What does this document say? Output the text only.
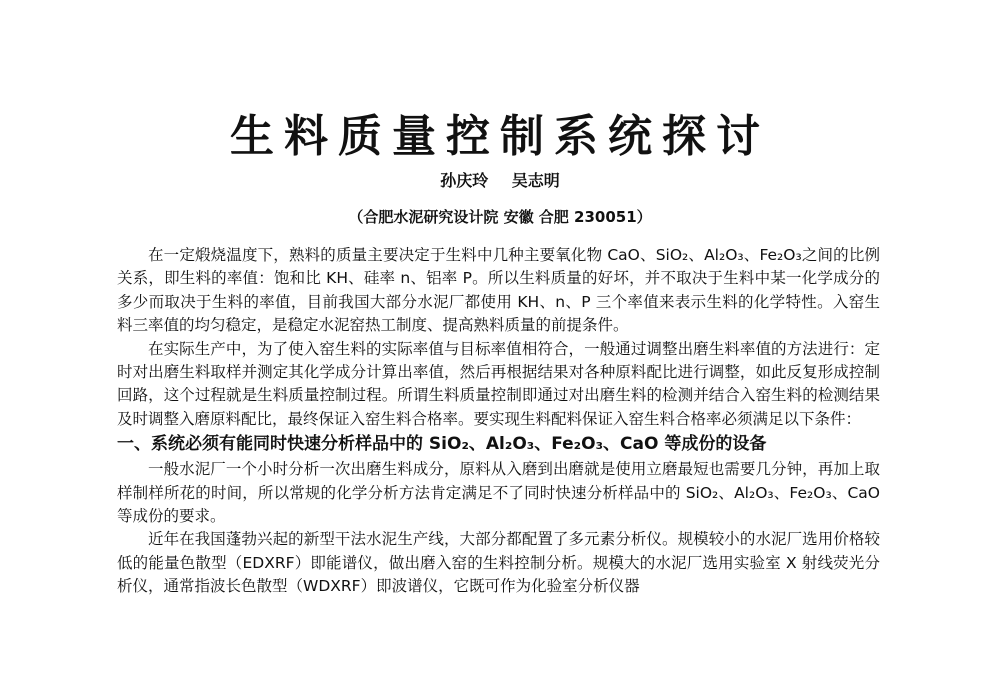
生料质量控制系统探讨
孙庆玲 吴志明
（合肥水泥研究设计院 安徽 合肥 230051）

在一定煅烧温度下，熟料的质量主要决定于生料中几种主要氧化物 CaO、SiO₂、Al₂O₃、Fe₂O₃之间的比例关系，即生料的率值：饱和比 KH、硅率 n、铝率 P。所以生料质量的好坏，并不取决于生料中某一化学成分的多少而取决于生料的率值，目前我国大部分水泥厂都使用 KH、n、P 三个率值来表示生料的化学特性。入窑生料三率值的均匀稳定，是稳定水泥窑热工制度、提高熟料质量的前提条件。

在实际生产中，为了使入窑生料的实际率值与目标率值相符合，一般通过调整出磨生料率值的方法进行：定时对出磨生料取样并测定其化学成分计算出率值，然后再根据结果对各种原料配比进行调整，如此反复形成控制回路，这个过程就是生料质量控制过程。所谓生料质量控制即通过对出磨生料的检测并结合入窑生料的检测结果及时调整入磨原料配比，最终保证入窑生料合格率。要实现生料配料保证入窑生料合格率必须满足以下条件：

一、系统必须有能同时快速分析样品中的 SiO₂、Al₂O₃、Fe₂O₃、CaO 等成份的设备

一般水泥厂一个小时分析一次出磨生料成分，原料从入磨到出磨就是使用立磨最短也需要几分钟，再加上取样制样所花的时间，所以常规的化学分析方法肯定满足不了同时快速分析样品中的 SiO₂、Al₂O₃、Fe₂O₃、CaO 等成份的要求。

近年在我国蓬勃兴起的新型干法水泥生产线，大部分都配置了多元素分析仪。规模较小的水泥厂选用价格较低的能量色散型（EDXRF）即能谱仪，做出磨入窑的生料控制分析。规模大的水泥厂选用实验室 X 射线荧光分析仪，通常指波长色散型（WDXRF）即波谱仪，它既可作为化验室分析仪器
